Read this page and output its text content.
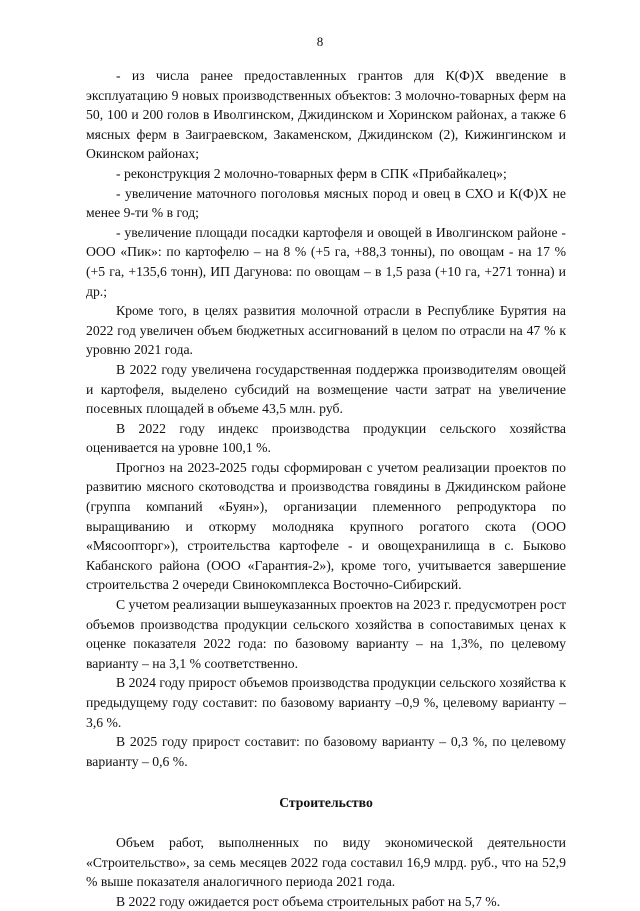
8

- из числа ранее предоставленных грантов для К(Ф)Х введение в эксплуатацию 9 новых производственных объектов: 3 молочно-товарных ферм на 50, 100 и 200 голов в Иволгинском, Джидинском и Хоринском районах, а также 6 мясных ферм в Заиграевском, Закаменском, Джидинском (2), Кижингинском и Окинском районах;

- реконструкция 2 молочно-товарных ферм в СПК «Прибайкалец»;

- увеличение маточного поголовья мясных пород и овец в СХО и К(Ф)Х не менее 9-ти % в год;

- увеличение площади посадки картофеля и овощей в Иволгинском районе - ООО «Пик»: по картофелю – на 8 % (+5 га, +88,3 тонны), по овощам - на 17 % (+5 га, +135,6 тонн), ИП Дагунова: по овощам – в 1,5 раза (+10 га, +271 тонна) и др.;

Кроме того, в целях развития молочной отрасли в Республике Бурятия на 2022 год увеличен объем бюджетных ассигнований в целом по отрасли на 47 % к уровню 2021 года.

В 2022 году увеличена государственная поддержка производителям овощей и картофеля, выделено субсидий на возмещение части затрат на увеличение посевных площадей в объеме 43,5 млн. руб.

В 2022 году индекс производства продукции сельского хозяйства оценивается на уровне 100,1 %.

Прогноз на 2023-2025 годы сформирован с учетом реализации проектов по развитию мясного скотоводства и производства говядины в Джидинском районе (группа компаний «Буян»), организации племенного репродуктора по выращиванию и откорму молодняка крупного рогатого скота (ООО «Мясоопторг»), строительства картофеле - и овощехранилища в с. Быково Кабанского района (ООО «Гарантия-2»), кроме того, учитывается завершение строительства 2 очереди Свинокомплекса Восточно-Сибирский.

С учетом реализации вышеуказанных проектов на 2023 г. предусмотрен рост объемов производства продукции сельского хозяйства в сопоставимых ценах к оценке показателя 2022 года: по базовому варианту – на 1,3%, по целевому варианту – на 3,1 % соответственно.

В 2024 году прирост объемов производства продукции сельского хозяйства к предыдущему году составит: по базовому варианту –0,9 %, целевому варианту – 3,6 %.

В 2025 году прирост составит: по базовому варианту – 0,3 %, по целевому варианту – 0,6 %.

Строительство

Объем работ, выполненных по виду экономической деятельности «Строительство», за семь месяцев 2022 года составил 16,9 млрд. руб., что на 52,9 % выше показателя аналогичного периода 2021 года.

В 2022 году ожидается рост объема строительных работ на 5,7 %.
